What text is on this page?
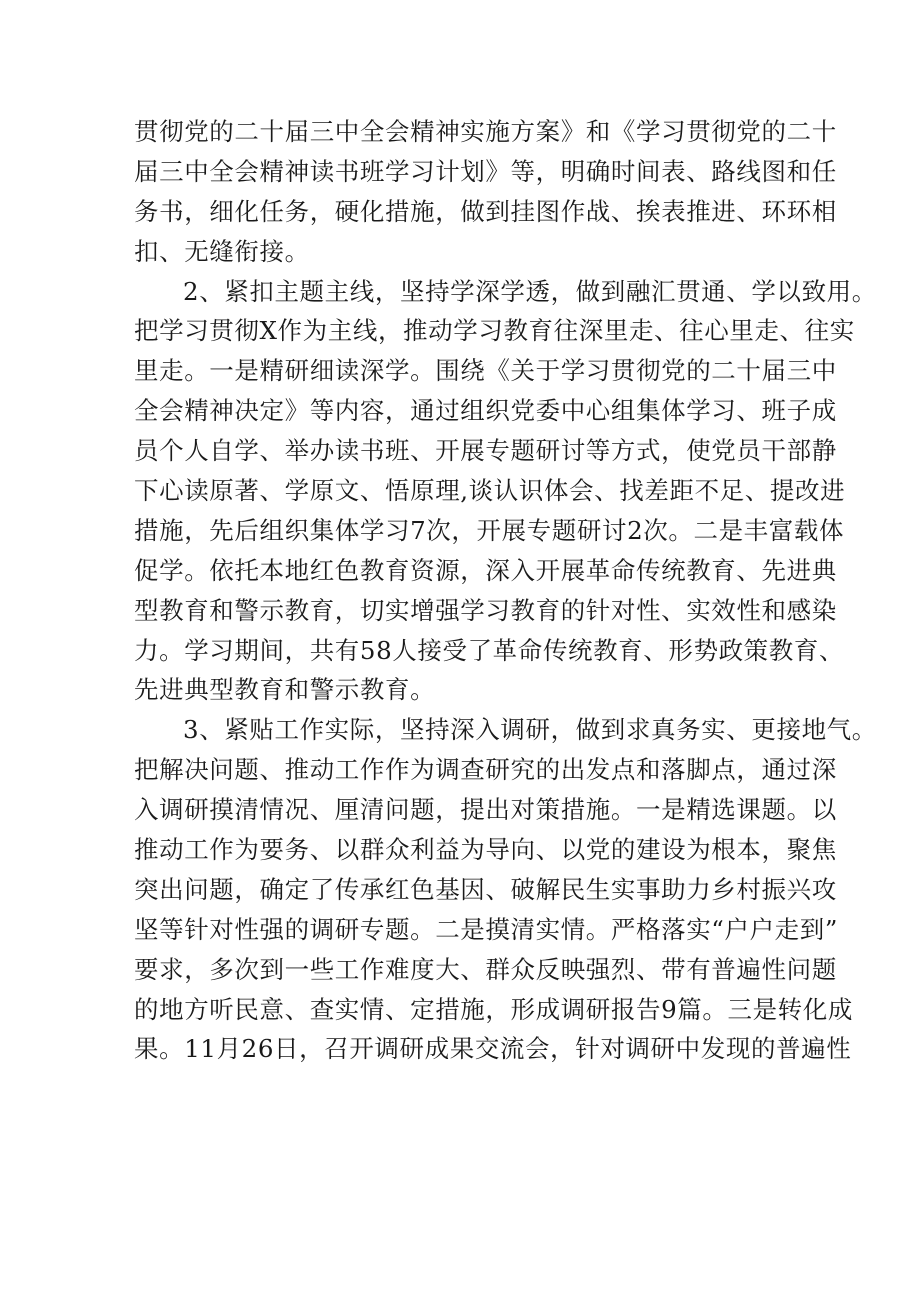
贯彻党的二十届三中全会精神实施方案》和《学习贯彻党的二十
届三中全会精神读书班学习计划》等，明确时间表、路线图和任
务书，细化任务，硬化措施，做到挂图作战、挨表推进、环环相
扣、无缝衔接。
2、紧扣主题主线，坚持学深学透，做到融汇贯通、学以致用。
把学习贯彻X作为主线，推动学习教育往深里走、往心里走、往实
里走。一是精研细读深学。围绕《关于学习贯彻党的二十届三中
全会精神决定》等内容，通过组织党委中心组集体学习、班子成
员个人自学、举办读书班、开展专题研讨等方式，使党员干部静
下心读原著、学原文、悟原理,谈认识体会、找差距不足、提改进
措施，先后组织集体学习7次，开展专题研讨2次。二是丰富载体
促学。依托本地红色教育资源，深入开展革命传统教育、先进典
型教育和警示教育，切实增强学习教育的针对性、实效性和感染
力。学习期间，共有58人接受了革命传统教育、形势政策教育、
先进典型教育和警示教育。
3、紧贴工作实际，坚持深入调研，做到求真务实、更接地气。
把解决问题、推动工作作为调查研究的出发点和落脚点，通过深
入调研摸清情况、厘清问题，提出对策措施。一是精选课题。以
推动工作为要务、以群众利益为导向、以党的建设为根本，聚焦
突出问题，确定了传承红色基因、破解民生实事助力乡村振兴攻
坚等针对性强的调研专题。二是摸清实情。严格落实“户户走到”
要求，多次到一些工作难度大、群众反映强烈、带有普遍性问题
的地方听民意、查实情、定措施，形成调研报告9篇。三是转化成
果。11月26日，召开调研成果交流会，针对调研中发现的普遍性
